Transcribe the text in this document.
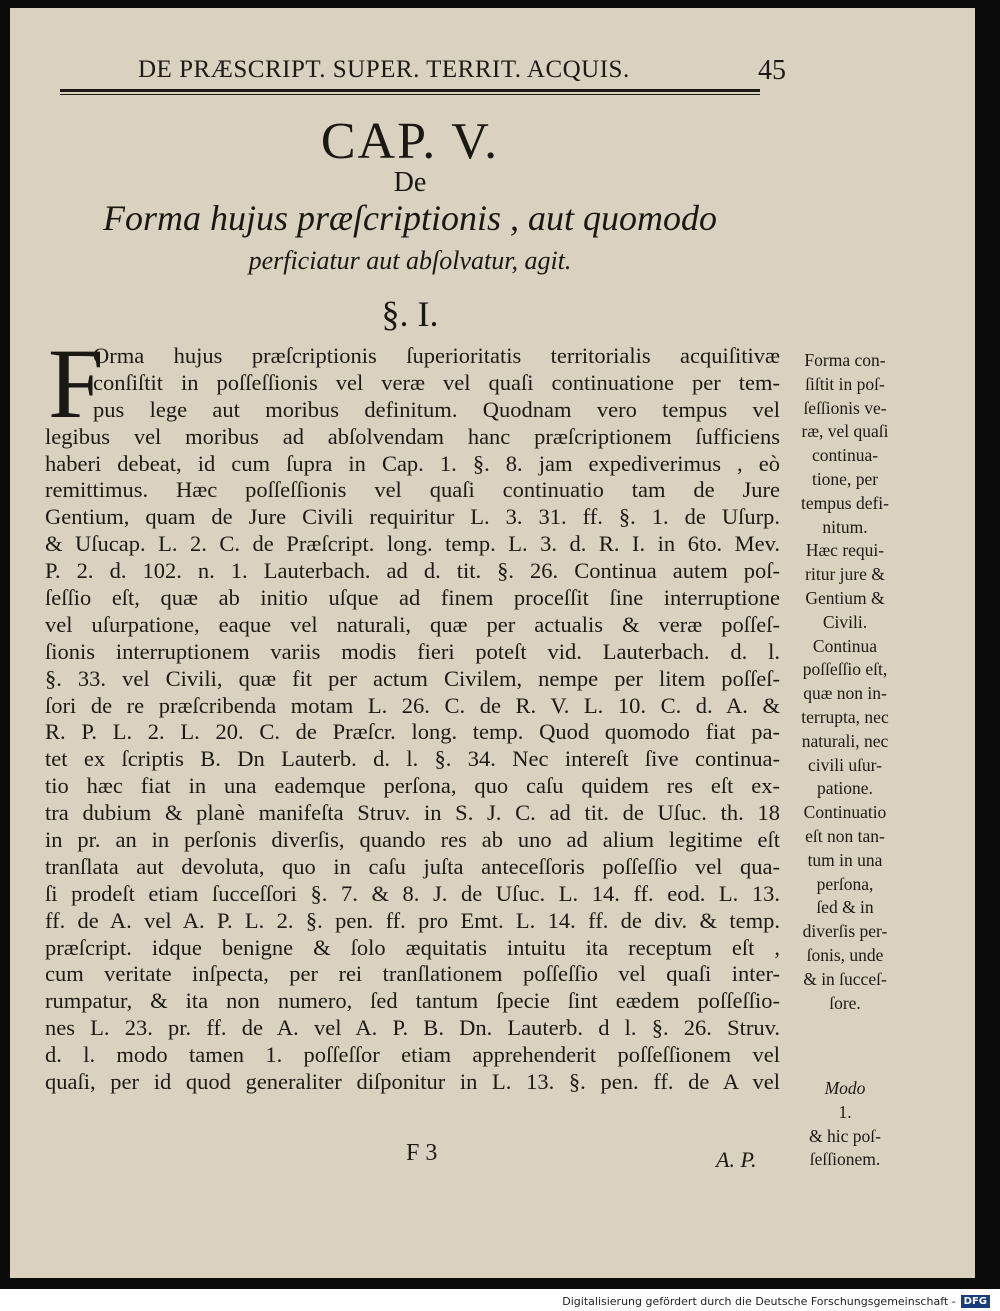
DE PRÆSCRIPT. SUPER. TERRIT. ACQUIS.	45
CAP. V.
De
Forma hujus præſcriptionis , aut quomodo
perficiatur aut abſolvatur, agit.
§. I.
F
Orma hujus præſcriptionis ſuperioritatis territorialis acquiſitivæ
conſiſtit in poſſeſſionis vel veræ vel quaſi continuatione per tem-
pus lege aut moribus definitum. Quodnam vero tempus vel
legibus vel moribus ad abſolvendam hanc præſcriptionem ſufficiens
haberi debeat, id cum ſupra in Cap. 1. §. 8. jam expediverimus , eò
remittimus. Hæc poſſeſſionis vel quaſi continuatio tam de Jure
Gentium, quam de Jure Civili requiritur L. 3. 31. ff. §. 1. de Uſurp.
& Uſucap. L. 2. C. de Præſcript. long. temp. L. 3. d. R. I. in 6to. Mev.
P. 2. d. 102. n. 1. Lauterbach. ad d. tit. §. 26. Continua autem poſ-
ſeſſio eſt, quæ ab initio uſque ad finem proceſſit ſine interruptione
vel uſurpatione, eaque vel naturali, quæ per actualis & veræ poſſeſ-
ſionis interruptionem variis modis fieri poteſt vid. Lauterbach. d. l.
§. 33. vel Civili, quæ fit per actum Civilem, nempe per litem poſſeſ-
ſori de re præſcribenda motam L. 26. C. de R. V. L. 10. C. d. A. &
R. P. L. 2. L. 20. C. de Præſcr. long. temp. Quod quomodo fiat pa-
tet ex ſcriptis B. Dn Lauterb. d. l. §. 34. Nec intereſt ſive continua-
tio hæc fiat in una eademque perſona, quo caſu quidem res eſt ex-
tra dubium & planè manifeſta Struv. in S. J. C. ad tit. de Uſuc. th. 18
in pr. an in perſonis diverſis, quando res ab uno ad alium legitime eſt
tranſlata aut devoluta, quo in caſu juſta anteceſſoris poſſeſſio vel qua-
ſi prodeſt etiam ſucceſſori §. 7. & 8. J. de Uſuc. L. 14. ff. eod. L. 13.
ff. de A. vel A. P. L. 2. §. pen. ff. pro Emt. L. 14. ff. de div. & temp.
præſcript. idque benigne & ſolo æquitatis intuitu ita receptum eſt ,
cum veritate inſpecta, per rei tranſlationem poſſeſſio vel quaſi inter-
rumpatur, & ita non numero, ſed tantum ſpecie ſint eædem poſſeſſio-
nes L. 23. pr. ff. de A. vel A. P. B. Dn. Lauterb. d l. §. 26. Struv.
d. l. modo tamen 1. poſſeſſor etiam apprehenderit poſſeſſionem vel
quaſi, per id quod generaliter diſponitur in L. 13. §. pen. ff. de A vel
Forma con-
ſiſtit in poſ-
ſeſſionis ve-
ræ, vel quaſi
continua-
tione, per
tempus defi-
nitum.
Hæc requi-
ritur jure &
Gentium &
Civili.
Continua
poſſeſſio eſt,
quæ non in-
terrupta, nec
naturali, nec
civili uſur-
patione.
Continuatio
eſt non tan-
tum in una
perſona,
ſed & in
diverſis per-
ſonis, unde
& in ſucceſ-
ſore.
Modo
1.
& hic poſ-
ſeſſionem.
F 3	A. P.
Digitalisierung gefördert durch die Deutsche Forschungsgemeinschaft - DFG
